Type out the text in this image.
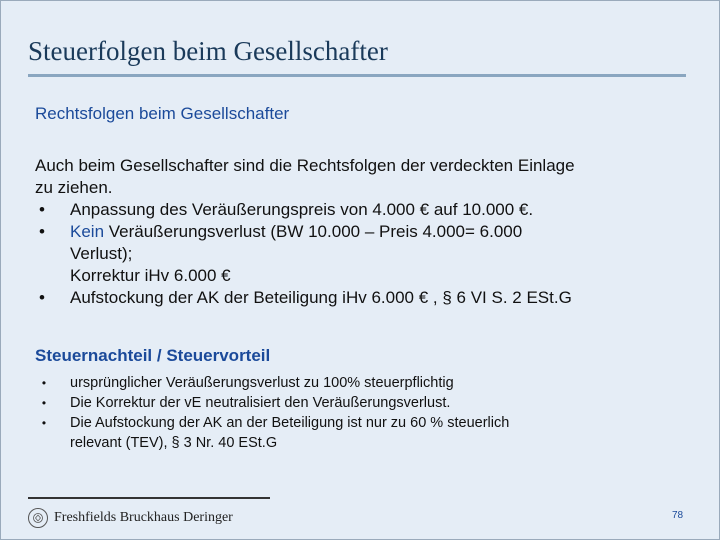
Steuerfolgen beim Gesellschafter
Rechtsfolgen beim Gesellschafter
Auch beim Gesellschafter sind die Rechtsfolgen der verdeckten Einlage
zu ziehen.
• Anpassung des Veräußerungspreis von 4.000 € auf 10.000 €.
• Kein Veräußerungsverlust (BW 10.000 – Preis 4.000= 6.000
Verlust);
Korrektur iHv 6.000 €
• Aufstockung der AK der Beteiligung iHv 6.000 € , § 6 VI S. 2 ESt.G
Steuernachteil / Steuervorteil
• ursprünglicher Veräußerungsverlust zu 100% steuerpflichtig
• Die Korrektur der vE neutralisiert den Veräußerungsverlust.
• Die Aufstockung der AK an der Beteiligung ist nur zu 60 % steuerlich
relevant (TEV), § 3 Nr. 40 ESt.G
Freshfields Bruckhaus Deringer	78
